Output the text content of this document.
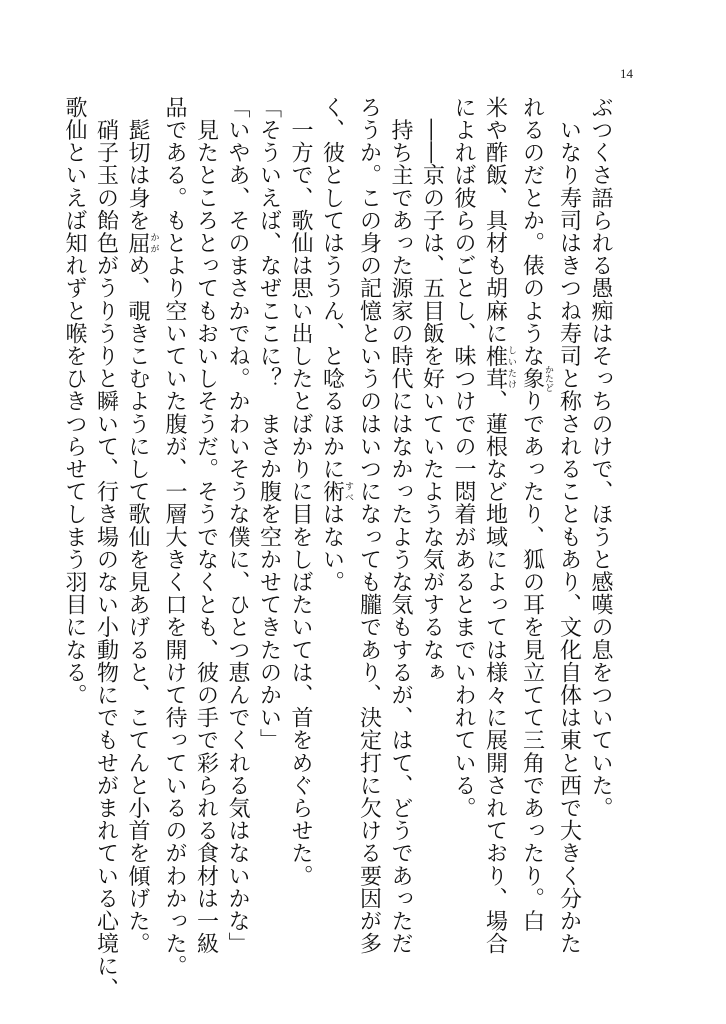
14
ぶつくさ語られる愚痴はそっちのけで、ほうと感嘆の息をついていた。
　いなり寿司はきつね寿司と称されることもあり、文化自体は東と西で大きく分かた
れるのだとか。俵のような象かたどりであったり、狐の耳を見立てて三角であったり。白
米や酢飯、具材も胡麻に椎茸しいたけ、蓮根など地域によっては様々に展開されており、場合
によれば彼らのごとし、味つけでの一悶着があるとまでいわれている。
　――京の子は、五目飯を好いていたような気がするなぁ
　持ち主であった源家の時代にはなかったような気もするが、はて、どうであっただ
ろうか。この身の記憶というのはいつになっても朧であり、決定打に欠ける要因が多
く、彼としてはううん、と唸るほかに術すべはない。
　一方で、歌仙は思い出したとばかりに目をしばたいては、首をめぐらせた。
「そういえば、なぜここに？　まさか腹を空かせてきたのかい」
「いやあ、そのまさかでね。かわいそうな僕に、ひとつ恵んでくれる気はないかな」
　見たところとってもおいしそうだ。そうでなくとも、彼の手で彩られる食材は一級
品である。もとより空いていた腹が、一層大きく口を開けて待っているのがわかった。
　髭切は身を屈かがめ、覗きこむようにして歌仙を見あげると、こてんと小首を傾げた。
　硝子玉の飴色がうりうりと瞬いて、行き場のない小動物にでもせがまれている心境に、
歌仙といえば知れずと喉をひきつらせてしまう羽目になる。
